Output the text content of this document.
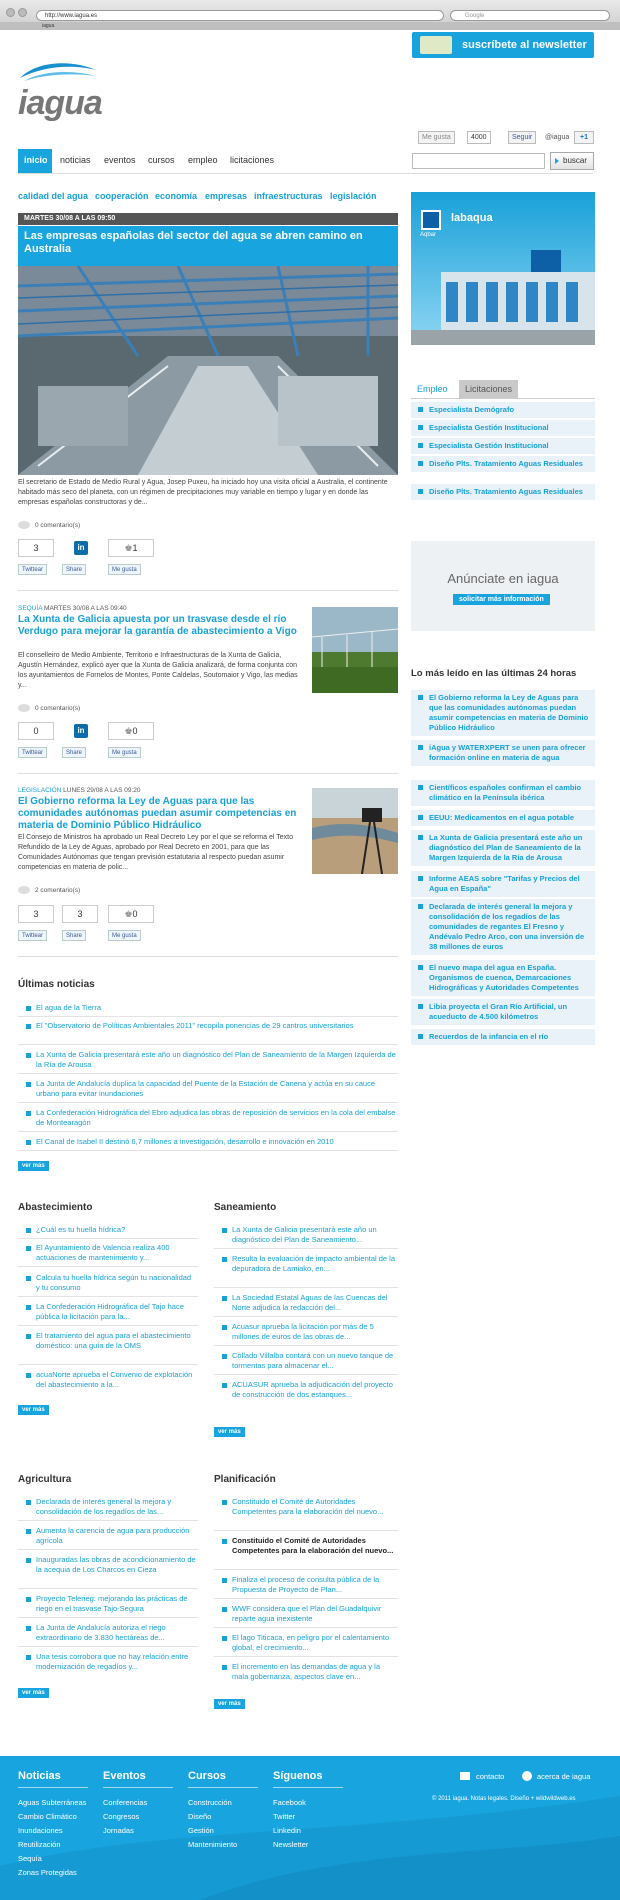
http://www.iagua.es	Google
iagua
suscríbete al newsletter
iagua
Me gusta	4000	Seguir	@iagua	+1
inicio	noticias eventos cursos empleo licitaciones	buscar
calidad del agua cooperación economía empresas infraestructuras legislación
MARTES 30/08 A LAS 09:50
Las empresas españolas del sector del agua se abren camino en Australia
El secretario de Estado de Medio Rural y Agua, Josep Puxeu, ha iniciado hoy una visita oficial a Australia, el continente habitado más seco del planeta, con un régimen de precipitaciones muy variable en tiempo y lugar y en donde las empresas españolas constructoras y de...
0 comentario(s)
3	in	♚1
Twittear	Share	Me gusta
SEQUÍA MARTES 30/08 A LAS 09:40
La Xunta de Galicia apuesta por un trasvase desde el río Verdugo para mejorar la garantía de abastecimiento a Vigo
El conselleiro de Medio Ambiente, Territorio e Infraestructuras de la Xunta de Galicia, Agustín Hernández, explicó ayer que la Xunta de Galicia analizará, de forma conjunta con los ayuntamientos de Fornelos de Montes, Ponte Caldelas, Soutomaior y Vigo, las medias y...
0 comentario(s)
0	in	♚0
Twittear	Share	Me gusta
LEGISLACIÓN LUNES 29/08 A LAS 09:20
El Gobierno reforma la Ley de Aguas para que las comunidades autónomas puedan asumir competencias en materia de Dominio Público Hidráulico
El Consejo de Ministros ha aprobado un Real Decreto Ley por el que se reforma el Texto Refundido de la Ley de Aguas, aprobado por Real Decreto en 2001, para que las Comunidades Autónomas que tengan previsión estatutaria al respecto puedan asumir competencias en materia de polic...
2 comentario(s)
3	3	♚0
Twittear	Share	Me gusta
Últimas noticias
El agua de la Tierra
El "Observatorio de Políticas Ambientales 2011" recopila ponencias de 29 cantros universitarios
La Xunta de Galicia presentará este año un diagnóstico del Plan de Saneamiento de la Margen Izquierda de la Ría de Arousa
La Junta de Andalucía duplica la capacidad del Puente de la Estación de Canena y actúa en su cauce urbano para evitar inundaciones
La Confederación Hidrográfica del Ebro adjudica las obras de reposición de servicios en la cola del embalse de Montearagón
El Canal de Isabel II destinó 6,7 millones a investigación, desarrollo e innovación en 2010
ver más
Abastecimiento
¿Cuál es tu huella hídrica?
El Ayuntamiento de Valencia realiza 400 actuaciones de mantenimiento y...
Calcula tu huella hídrica según tu nacionalidad y tu consumo
La Confederación Hidrográfica del Tajo hace pública la licitación para la...
El tratamiento del agua para el abastecimiento doméstico: una guía de la OMS
acuaNorte aprueba el Convenio de explotación del abastecimiento a la...
ver más
Saneamiento
La Xunta de Galicia presentará este año un diagnóstico del Plan de Saneamiento...
Resulta la evaluación de impacto ambiental de la depuradora de Lamiako, en...
La Sociedad Estatal Aguas de las Cuencas del Norte adjudica la redacción del...
Acuasur aprueba la licitación por más de 5 millones de euros de las obras de...
Collado Villalba contará con un nuevo tanque de tormentas para almacenar el...
ACUASUR aprueba la adjudicación del proyecto de construcción de dos estanques...
ver más
Agricultura
Declarada de interés general la mejora y consolidación de los regadíos de las...
Aumenta la carencia de agua para producción agrícola
Inauguradas las obras de acondicionamiento de la acequia de Los Charcos en Cieza
Proyecto Telerieg: mejorando las prácticas de riego en el trasvase Tajo-Segura
La Junta de Andalucía autoriza el riego extraordinario de 3.830 hectáreas de...
Una tesis corrobora que no hay relación entre modernización de regadíos y...
ver más
Planificación
Constituido el Comité de Autoridades Competentes para la elaboración del nuevo...
Constituido el Comité de Autoridades Competentes para la elaboración del nuevo...
Finaliza el proceso de consulta pública de la Propuesta de Proyecto de Plan...
WWF considera que el Plan del Guadalquivir reparte agua inexistente
El lago Titicaca, en peligro por el calentamiento global, el crecimiento...
El incremento en las demandas de agua y la mala gobernanza, aspectos clave en...
ver más
Aqbar
labaqua
Empleo	Licitaciones
Especialista Demógrafo
Especialista Gestión Institucional
Especialista Gestión Institucional
Diseño Plts. Tratamiento Aguas Residuales
Diseño Plts. Tratamiento Aguas Residuales
Anúnciate en iagua
solicitar más información
Lo más leído en las últimas 24 horas
El Gobierno reforma la Ley de Aguas para que las comunidades autónomas puedan asumir competencias en materia de Dominio Público Hidráulico
iAgua y WATERXPERT se unen para ofrecer formación online en materia de agua
Científicos españoles confirman el cambio climático en la Península ibérica
EEUU: Medicamentos en el agua potable
La Xunta de Galicia presentará este año un diagnóstico del Plan de Saneamiento de la Margen Izquierda de la Ría de Arousa
Informe AEAS sobre "Tarifas y Precios del Agua en España"
Declarada de interés general la mejora y consolidación de los regadíos de las comunidades de regantes El Fresno y Andévalo Pedro Arco, con una inversión de 38 millones de euros
El nuevo mapa del agua en España. Organismos de cuenca, Demarcaciones Hidrográficas y Autoridades Competentes
Libia proyecta el Gran Río Artificial, un acueducto de 4.500 kilómetros
Recuerdos de la infancia en el río
Noticias
Aguas Subterráneas
Cambio Climático
Inundaciones
Reutilización
Sequía
Zonas Protegidas
Eventos
Conferencias
Congresos
Jornadas
Cursos
Construcción
Diseño
Gestión
Mantenimiento
Síguenos
Facebook
Twitter
Linkedin
Newsletter
contacto	acerca de iagua
© 2011 iagua. Notas legales. Diseño + wildwildweb.es
